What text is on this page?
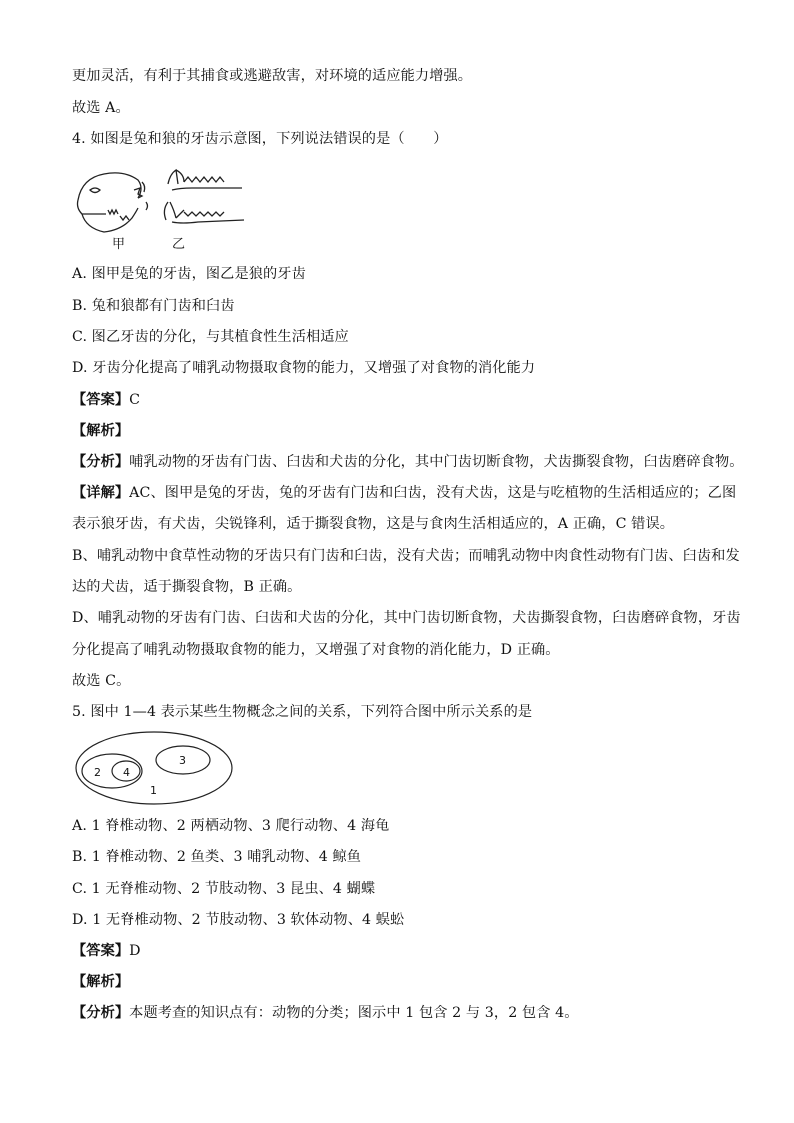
更加灵活，有利于其捕食或逃避敌害，对环境的适应能力增强。
故选 A。
4. 如图是兔和狼的牙齿示意图，下列说法错误的是（　　）
甲	乙
A. 图甲是兔的牙齿，图乙是狼的牙齿
B. 兔和狼都有门齿和臼齿
C. 图乙牙齿的分化，与其植食性生活相适应
D. 牙齿分化提高了哺乳动物摄取食物的能力，又增强了对食物的消化能力
【答案】C
【解析】
【分析】哺乳动物的牙齿有门齿、臼齿和犬齿的分化，其中门齿切断食物，犬齿撕裂食物，臼齿磨碎食物。
【详解】AC、图甲是兔的牙齿，兔的牙齿有门齿和臼齿，没有犬齿，这是与吃植物的生活相适应的；乙图
表示狼牙齿，有犬齿，尖锐锋利，适于撕裂食物，这是与食肉生活相适应的，A 正确，C 错误。
B、哺乳动物中食草性动物的牙齿只有门齿和臼齿，没有犬齿；而哺乳动物中肉食性动物有门齿、臼齿和发
达的犬齿，适于撕裂食物，B 正确。
D、哺乳动物的牙齿有门齿、臼齿和犬齿的分化，其中门齿切断食物，犬齿撕裂食物，臼齿磨碎食物，牙齿
分化提高了哺乳动物摄取食物的能力，又增强了对食物的消化能力，D 正确。
故选 C。
5. 图中 1—4 表示某些生物概念之间的关系，下列符合图中所示关系的是
2 4
3
1
A. 1 脊椎动物、2 两栖动物、3 爬行动物、4 海龟
B. 1 脊椎动物、2 鱼类、3 哺乳动物、4 鲸鱼
C. 1 无脊椎动物、2 节肢动物、3 昆虫、4 蝴蝶
D. 1 无脊椎动物、2 节肢动物、3 软体动物、4 蜈蚣
【答案】D
【解析】
【分析】本题考查的知识点有：动物的分类；图示中 1 包含 2 与 3，2 包含 4。
